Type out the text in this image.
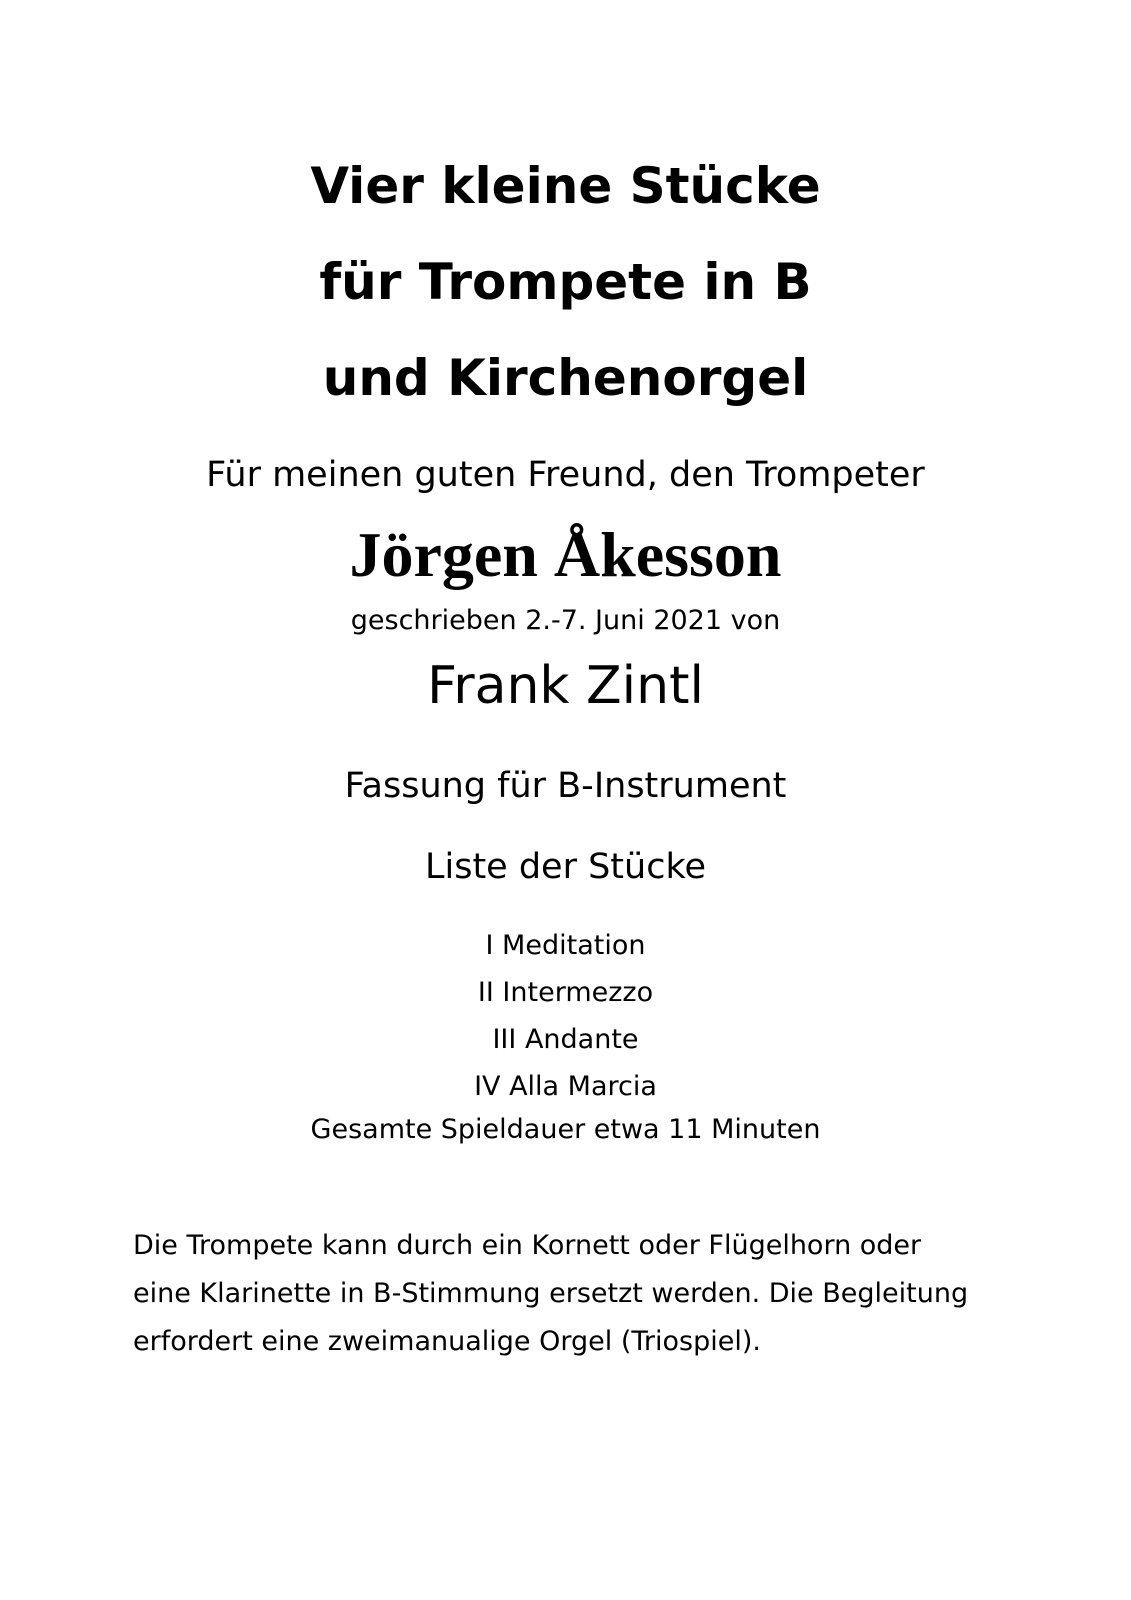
Vier kleine Stücke
für Trompete in B
und Kirchenorgel
Für meinen guten Freund, den Trompeter
Jörgen Åkesson
geschrieben 2.-7. Juni 2021 von
Frank Zintl
Fassung für B-Instrument
Liste der Stücke
I Meditation
II Intermezzo
III Andante
IV Alla Marcia
Gesamte Spieldauer etwa 11 Minuten
Die Trompete kann durch ein Kornett oder Flügelhorn oder
eine Klarinette in B-Stimmung ersetzt werden. Die Begleitung
erfordert eine zweimanualige Orgel (Triospiel).
